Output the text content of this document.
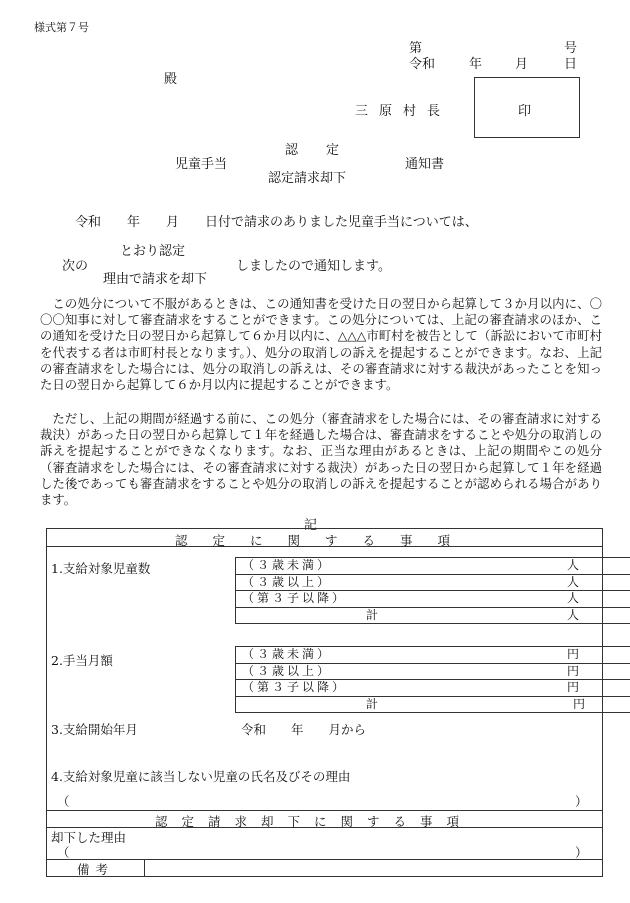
様式第７号
第	号
令和	年	月	日
殿
三原村長	印
認定
児童手当	通知書
認定請求却下
令和　　年　　月　　日付で請求のありました児童手当については、
とおり認定
次の	しましたので通知します。
理由で請求を却下
この処分について不服があるときは、この通知書を受けた日の翌日から起算して３か月以内に、〇〇〇知事に対して審査請求をすることができます。この処分については、上記の審査請求のほか、この通知を受けた日の翌日から起算して６か月以内に、△△△市町村を被告として（訴訟において市町村を代表する者は市町村長となります。）、処分の取消しの訴えを提起することができます。なお、上記の審査請求をした場合には、処分の取消しの訴えは、その審査請求に対する裁決があったことを知った日の翌日から起算して６か月以内に提起することができます。
ただし、上記の期間が経過する前に、この処分（審査請求をした場合には、その審査請求に対する裁決）があった日の翌日から起算して１年を経過した場合は、審査請求をすることや処分の取消しの訴えを提起することができなくなります。なお、正当な理由があるときは、上記の期間やこの処分（審査請求をした場合には、その審査請求に対する裁決）があった日の翌日から起算して１年を経過した後であっても審査請求をすることや処分の取消しの訴えを提起することが認められる場合があります。
記
認定に関する事項
1.支給対象児童数	（３歳未満）	人
（３歳以上）	人
（第３子以降）	人
計	人
2.手当月額	（３歳未満）	円
（３歳以上）	円
（第３子以降）	円
計	円
3.支給開始年月	令和　　年　　月から
4.支給対象児童に該当しない児童の氏名及びその理由
（	）
認定請求却下に関する事項
却下した理由
（	）
備考
